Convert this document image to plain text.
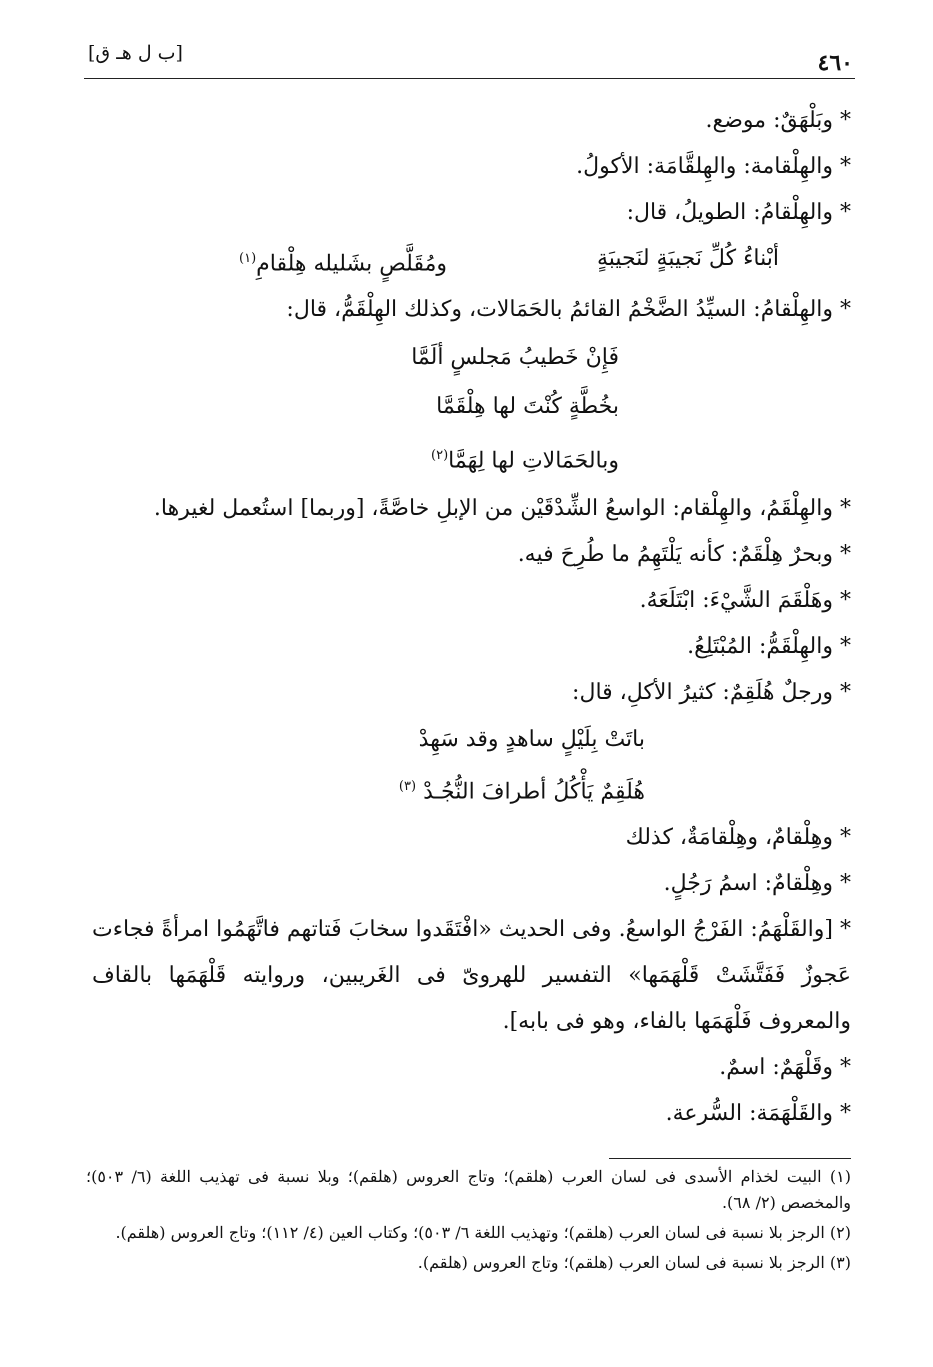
[ب ل هـ ق]	٤٦٠

* وبَلْهَقٌ: موضع.

* والهِلْقامة: والهِلقَّامَة: الأكولُ.

* والهِلْقامُ: الطويلُ، قال:

أبْناءُ كُلِّ نَجيبَةٍ لنَجيبَةٍ
ومُقَلَّصٍ بشَليله هِلْقامِ$^{(١)}$

* والهِلْقامُ: السيِّدُ الضَّخْمُ القائمُ بالحَمَالات، وكذلك الهِلْقَمُّ، قال:

فَإِنْ خَطيبُ مَجلسٍ ألَمَّا

بخُطَّةٍ كُنْتَ لها هِلْقَمَّا

وبالحَمَالاتِ لها لِهَمَّا$^{(٢)}$

* والهِلْقَمُ، والهِلْقام: الواسعُ الشِّدْقَيْن من الإبلِ خاصَّةً، [وربما] استُعمل لغيرها.

* وبحرٌ هِلْقَمٌ: كأنه يَلْتَهِمُ ما طُرِحَ فيه.

* وهَلْقَمَ الشَّيْءَ: ابْتَلَعَهُ.

* والهِلْقَمُّ: المُبْتَلِعُ.

* ورجلٌ هُلَقِمٌ: كثيرُ الأكلِ، قال:

باتَتْ بِلَيْلٍ ساهدٍ وقد سَهِدْ

هُلَقِمٌ يَأْكُلُ أطرافَ النُّجُـدْ $^{(٣)}$

* وهِلْقامٌ، وهِلْقامَةٌ، كذلك

* وهِلْقامٌ: اسمُ رَجُلٍ.

* [والقَلْهَمُ: الفَرْجُ الواسعُ. وفى الحديث «افْتَقَدوا سخابَ فَتاتهم فاتَّهَمُوا امرأةً فجاءت عَجوزٌ فَفَتَّشَتْ قَلْهَمَها» التفسير للهروىّ فى الغَريبين، وروايته قَلْهَمَها بالقاف والمعروف فَلْهَمَها بالفاء، وهو فى بابه].

* وقَلْهَمٌ: اسمٌ.

* والقَلْهَمَة: السُّرعة.

(١) البيت لخذام الأسدى فى لسان العرب (هلقم)؛ وتاج العروس (هلقم)؛ وبلا نسبة فى تهذيب اللغة (٦/ ٥٠٣)؛ والمخصص (٢/ ٦٨).

(٢) الرجز بلا نسبة فى لسان العرب (هلقم)؛ وتهذيب اللغة ٦/ ٥٠٣)؛ وكتاب العين (٤/ ١١٢)؛ وتاج العروس (هلقم).

(٣) الرجز بلا نسبة فى لسان العرب (هلقم)؛ وتاج العروس (هلقم).
